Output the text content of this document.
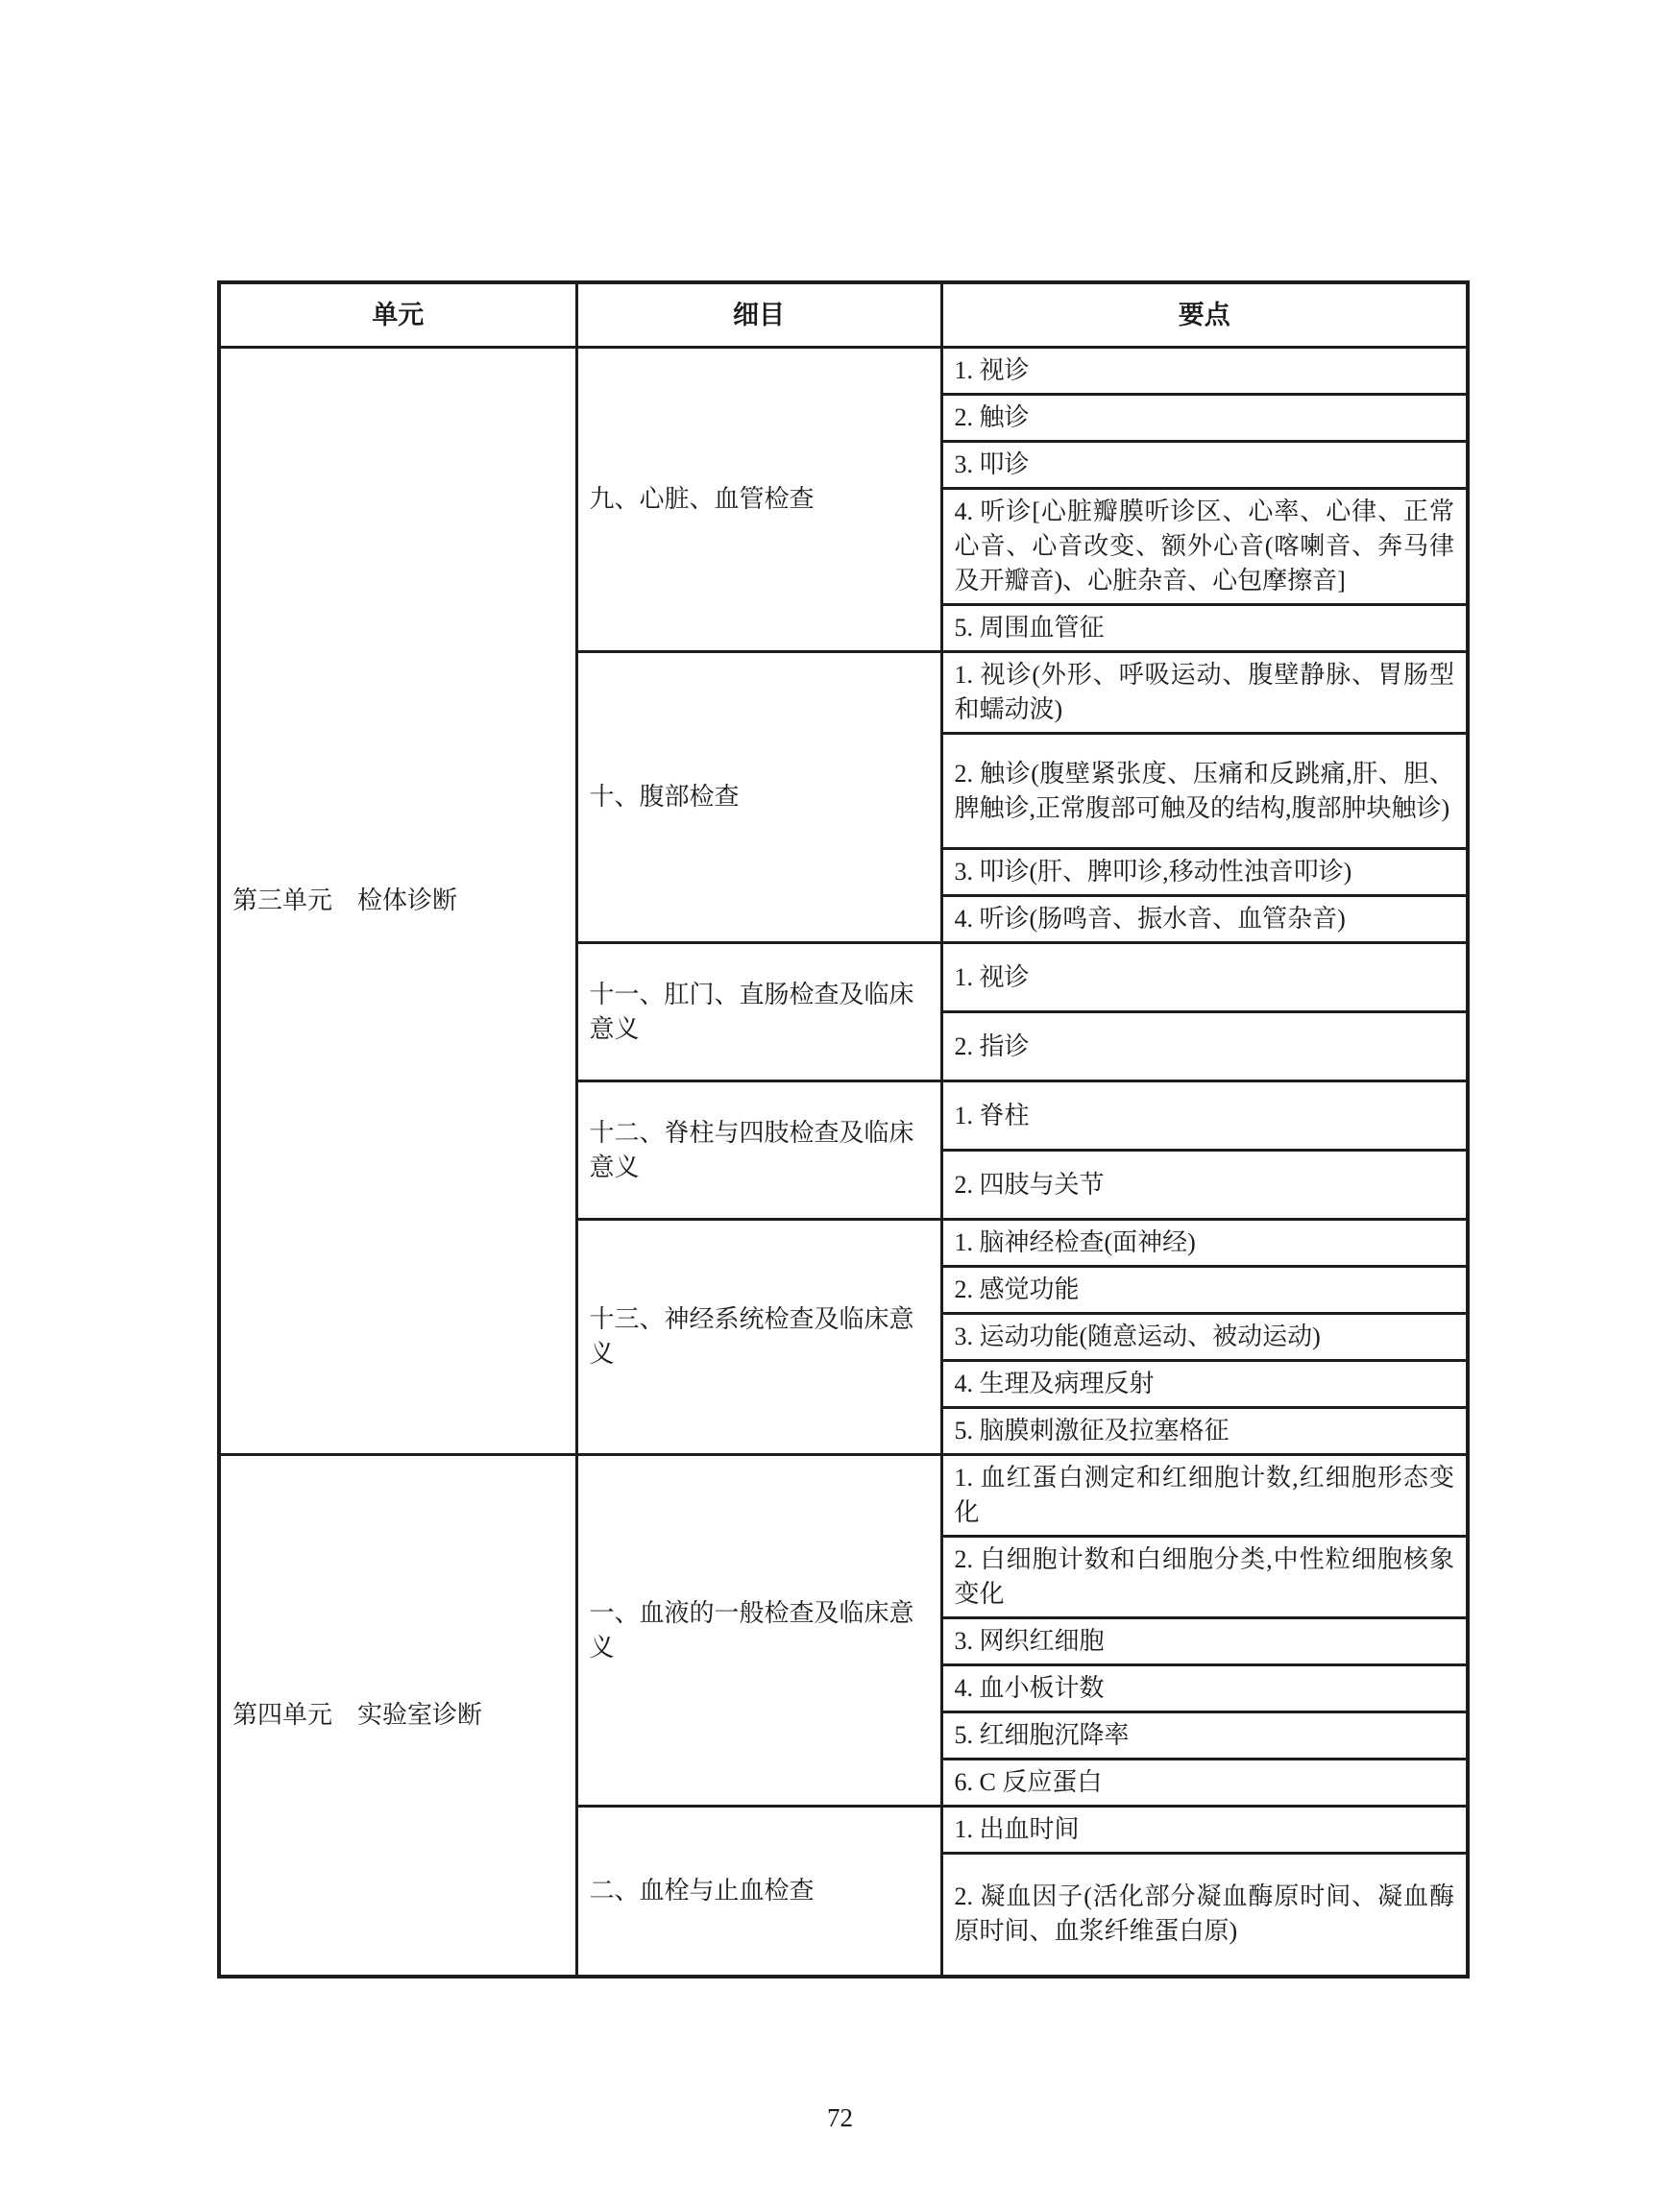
单元	细目	要点
第三单元　检体诊断	九、心脏、血管检查	1. 视诊
		2. 触诊
		3. 叩诊
		4. 听诊[心脏瓣膜听诊区、心率、心律、正常心音、心音改变、额外心音(喀喇音、奔马律及开瓣音)、心脏杂音、心包摩擦音]
		5. 周围血管征
	十、腹部检查	1. 视诊(外形、呼吸运动、腹壁静脉、胃肠型和蠕动波)
		2. 触诊(腹壁紧张度、压痛和反跳痛,肝、胆、脾触诊,正常腹部可触及的结构,腹部肿块触诊)
		3. 叩诊(肝、脾叩诊,移动性浊音叩诊)
		4. 听诊(肠鸣音、振水音、血管杂音)
	十一、肛门、直肠检查及临床意义	1. 视诊
		2. 指诊
	十二、脊柱与四肢检查及临床意义	1. 脊柱
		2. 四肢与关节
	十三、神经系统检查及临床意义	1. 脑神经检查(面神经)
		2. 感觉功能
		3. 运动功能(随意运动、被动运动)
		4. 生理及病理反射
		5. 脑膜刺激征及拉塞格征
第四单元　实验室诊断	一、血液的一般检查及临床意义	1. 血红蛋白测定和红细胞计数,红细胞形态变化
		2. 白细胞计数和白细胞分类,中性粒细胞核象变化
		3. 网织红细胞
		4. 血小板计数
		5. 红细胞沉降率
		6. C 反应蛋白
	二、血栓与止血检查	1. 出血时间
		2. 凝血因子(活化部分凝血酶原时间、凝血酶原时间、血浆纤维蛋白原)
72
